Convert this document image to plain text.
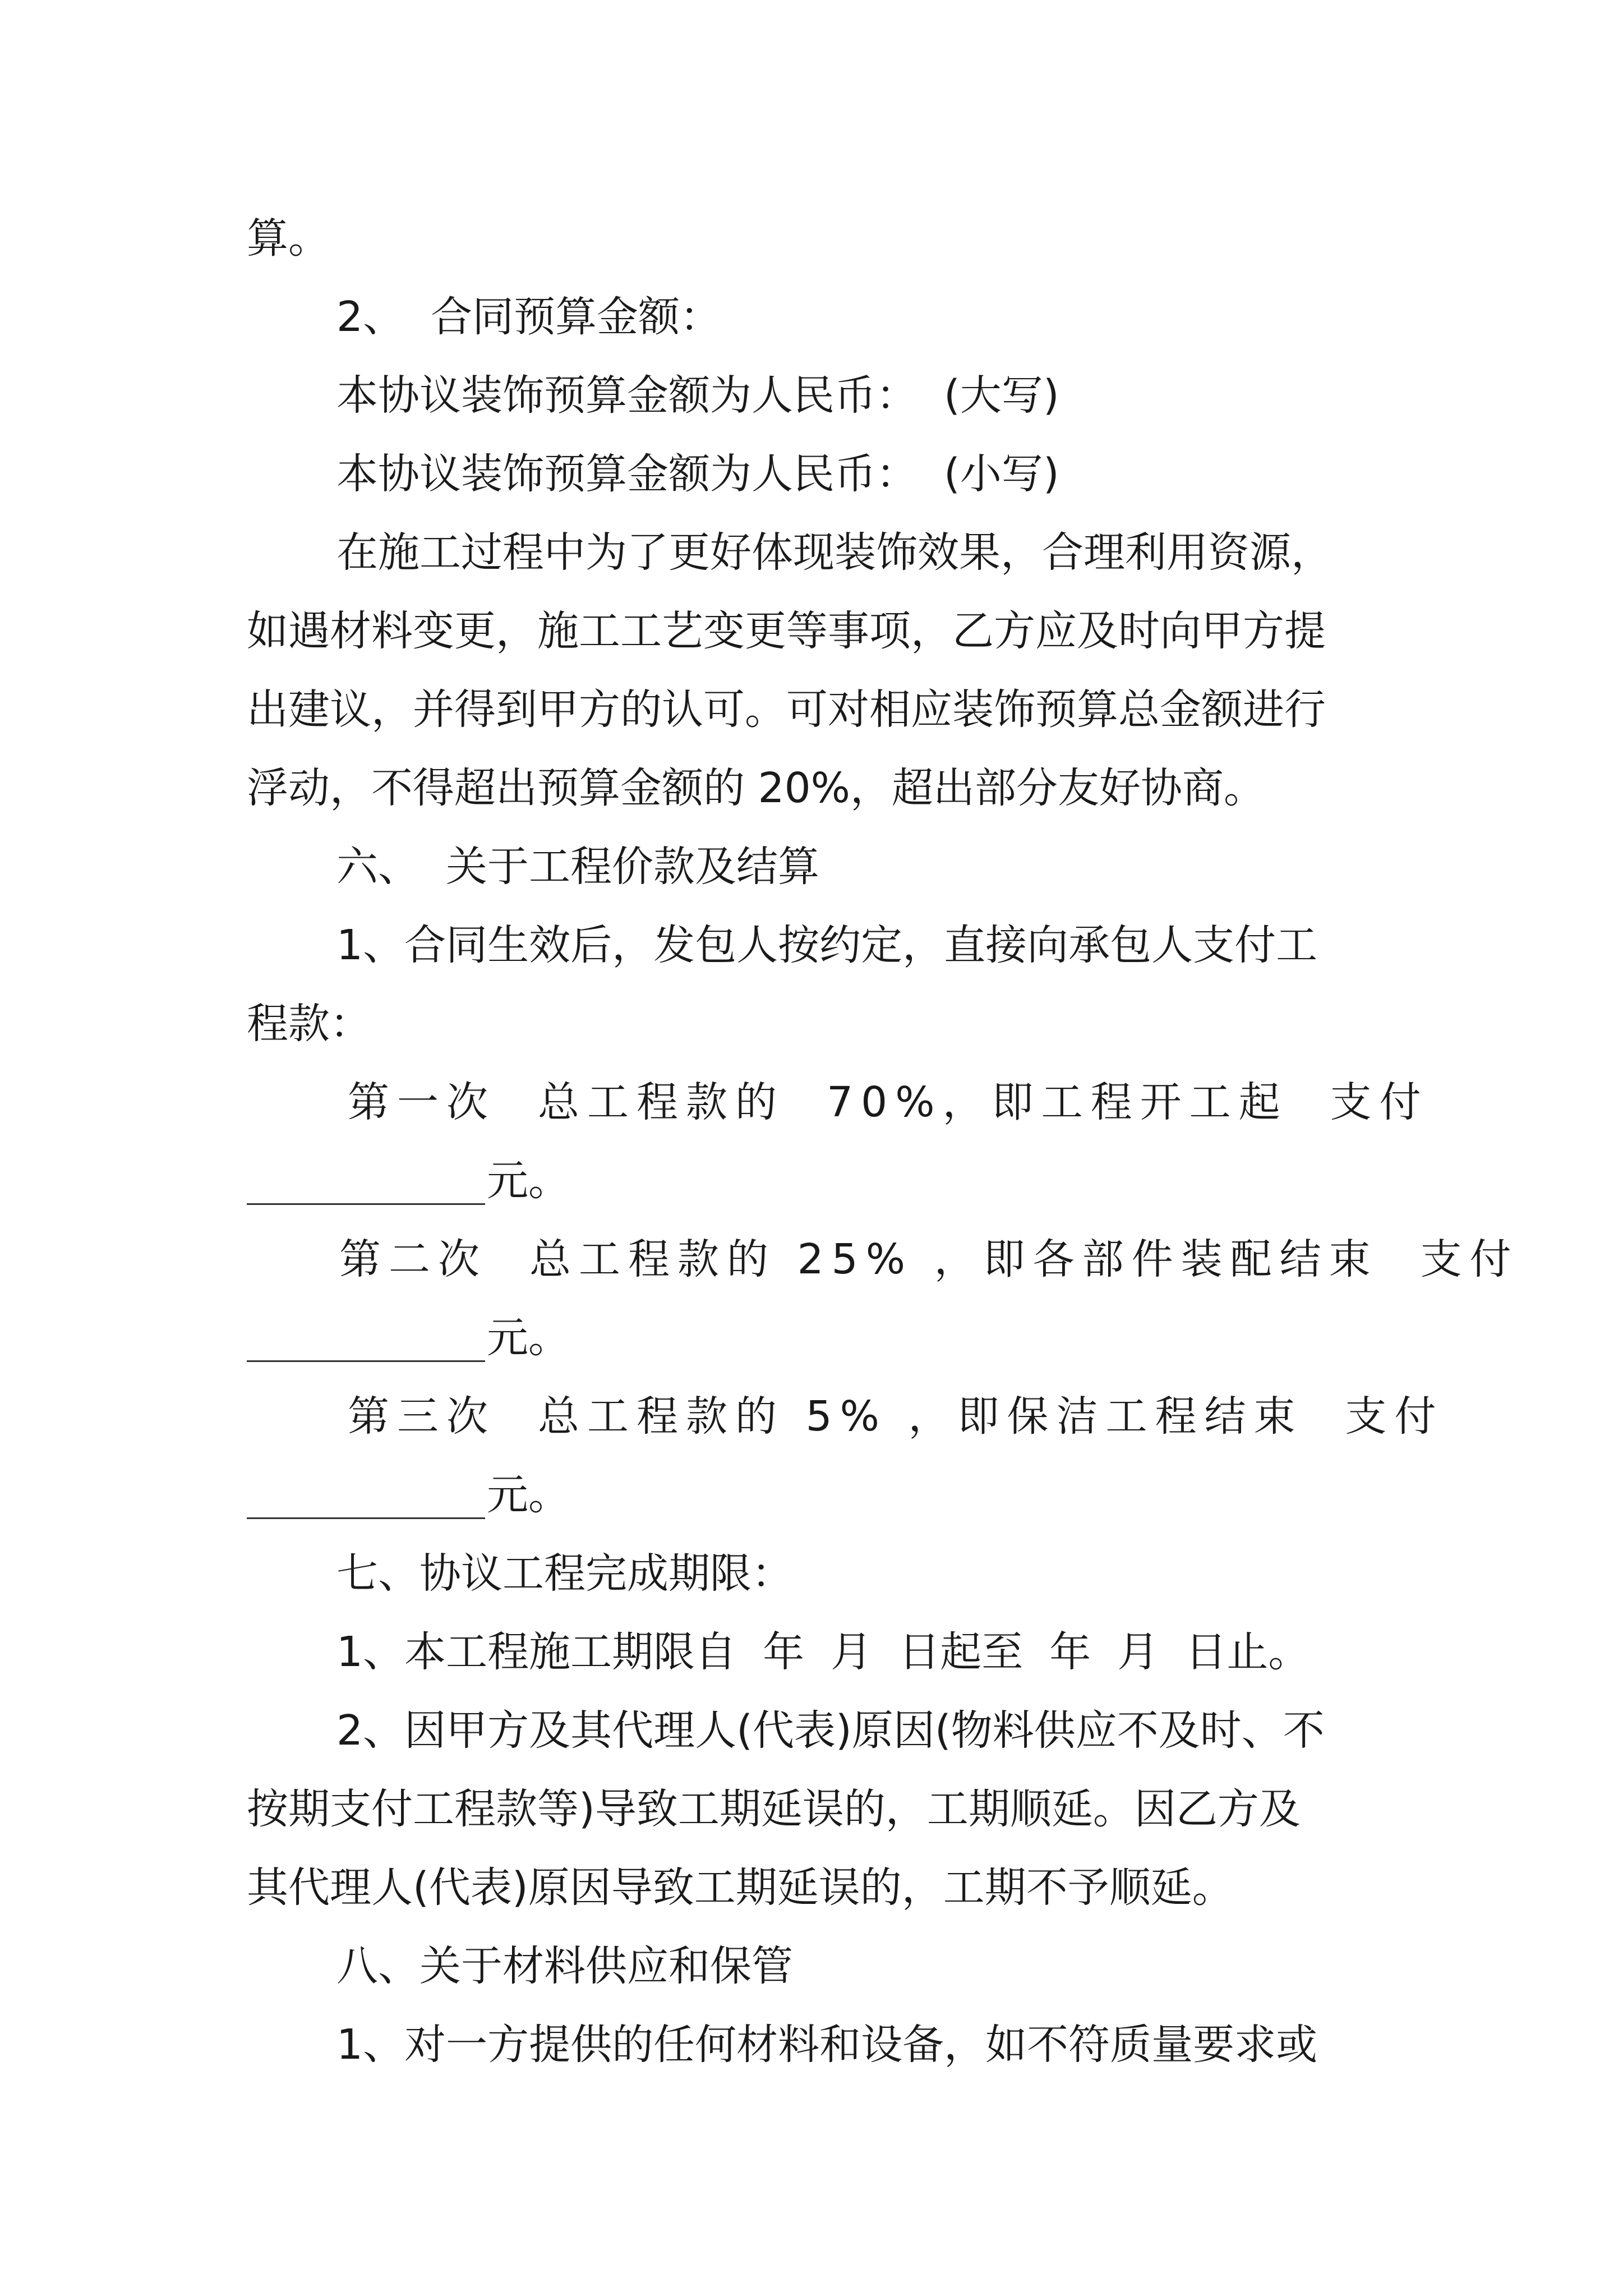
算。
2、  合同预算金额：
本协议装饰预算金额为人民币：  (大写)
本协议装饰预算金额为人民币：  (小写)
在施工过程中为了更好体现装饰效果，合理利用资源，
如遇材料变更，施工工艺变更等事项，乙方应及时向甲方提
出建议，并得到甲方的认可。可对相应装饰预算总金额进行
浮动，不得超出预算金额的 20%，超出部分友好协商。
六、  关于工程价款及结算
1、合同生效后，发包人按约定，直接向承包人支付工
程款：
第一次  总工程款的  70%，即工程开工起  支付
元。
第二次  总工程款的 25% ，即各部件装配结束  支付
元。
第三次  总工程款的 5% ，即保洁工程结束  支付
元。
七、协议工程完成期限：
1、本工程施工期限自  年  月  日起至  年  月  日止。
2、因甲方及其代理人(代表)原因(物料供应不及时、不
按期支付工程款等)导致工期延误的，工期顺延。因乙方及
其代理人(代表)原因导致工期延误的，工期不予顺延。
八、关于材料供应和保管
1、对一方提供的任何材料和设备，如不符质量要求或
